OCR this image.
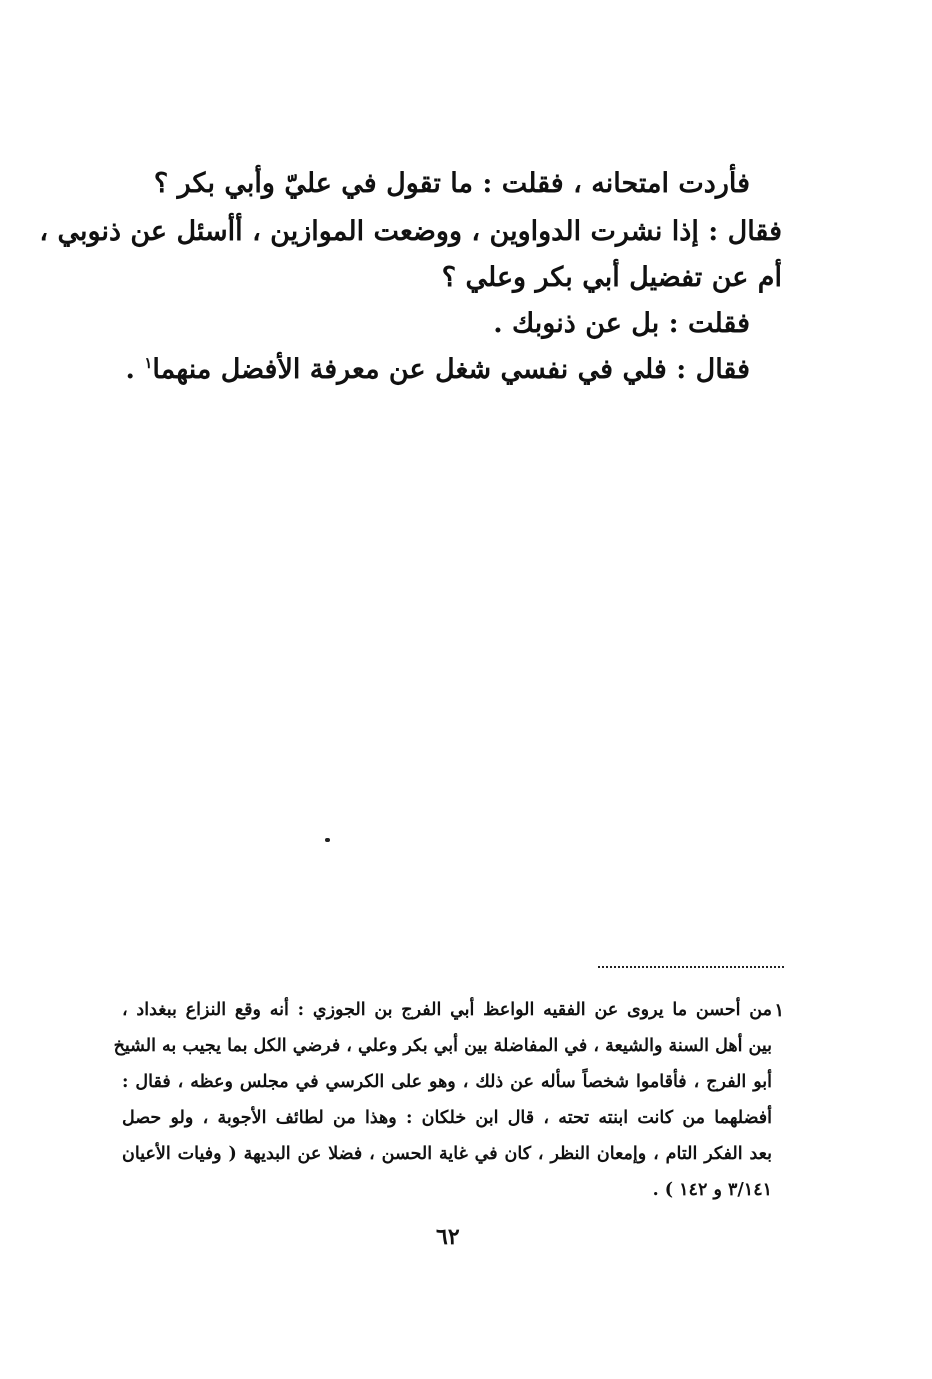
فأردت امتحانه ، فقلت : ما تقول في عليّ وأبي بكر ؟
فقال : إذا نشرت الدواوين ، ووضعت الموازين ، أأسئل عن ذنوبي ،
أم عن تفضيل أبي بكر وعلي ؟
فقلت : بل عن ذنوبك .
فقال : فلي في نفسي شغل عن معرفة الأفضل منهما$^١$ .
١
من أحسن ما يروى عن الفقيه الواعظ أبي الفرج بن الجوزي : أنه وقع النزاع ببغداد ،
بين أهل السنة والشيعة ، في المفاضلة بين أبي بكر وعلي ، فرضي الكل بما يجيب به الشيخ
أبو الفرج ، فأقاموا شخصاً سأله عن ذلك ، وهو على الكرسي في مجلس وعظه ، فقال :
أفضلهما من كانت ابنته تحته ، قال ابن خلكان : وهذا من لطائف الأجوبة ، ولو حصل
بعد الفكر التام ، وإمعان النظر ، كان في غاية الحسن ، فضلا عن البديهة ( وفيات الأعيان
٣/١٤١ و ١٤٢ ) .
٦٢
